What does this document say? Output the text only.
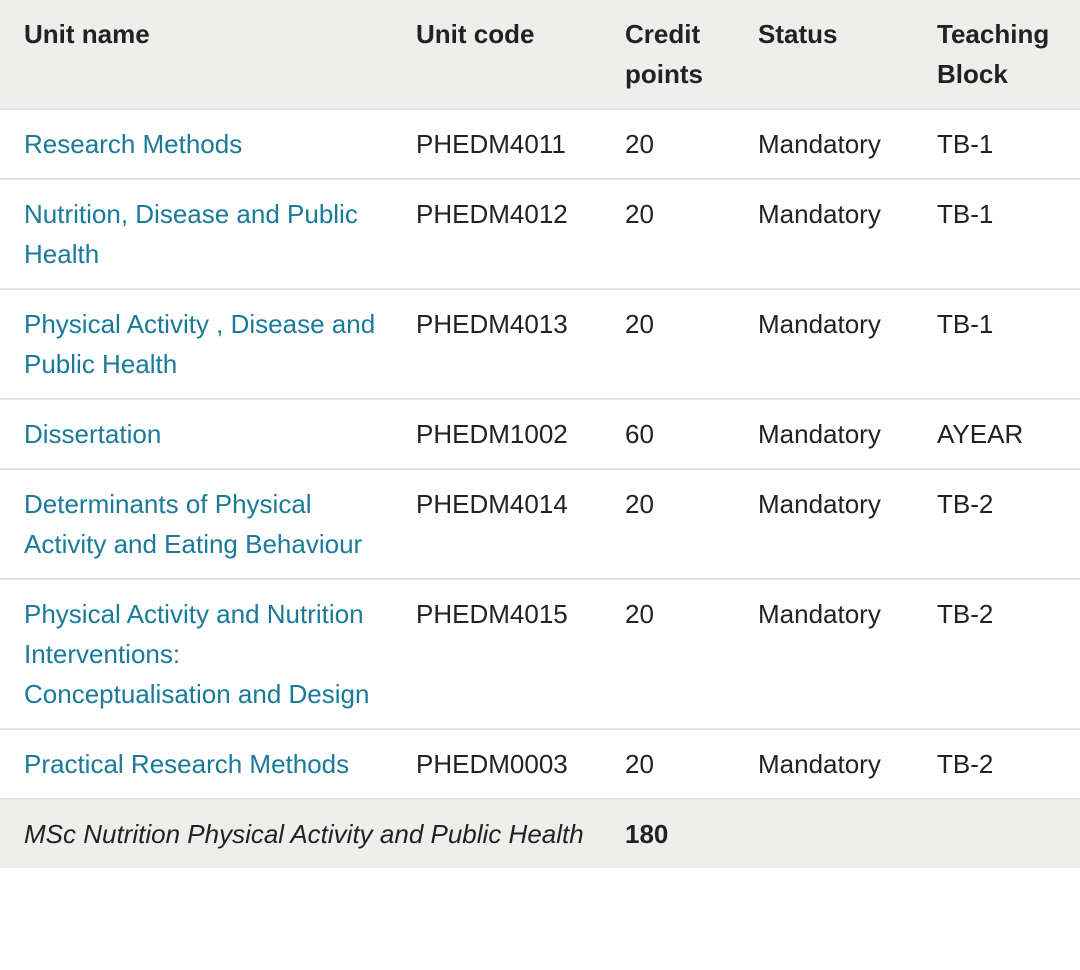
Unit name	Unit code	Credit points	Status	Teaching Block
Research Methods	PHEDM4011	20	Mandatory	TB-1
Nutrition, Disease and Public Health	PHEDM4012	20	Mandatory	TB-1
Physical Activity , Disease and Public Health	PHEDM4013	20	Mandatory	TB-1
Dissertation	PHEDM1002	60	Mandatory	AYEAR
Determinants of Physical Activity and Eating Behaviour	PHEDM4014	20	Mandatory	TB-2
Physical Activity and Nutrition Interventions: Conceptualisation and Design	PHEDM4015	20	Mandatory	TB-2
Practical Research Methods	PHEDM0003	20	Mandatory	TB-2
MSc Nutrition Physical Activity and Public Health		180		
